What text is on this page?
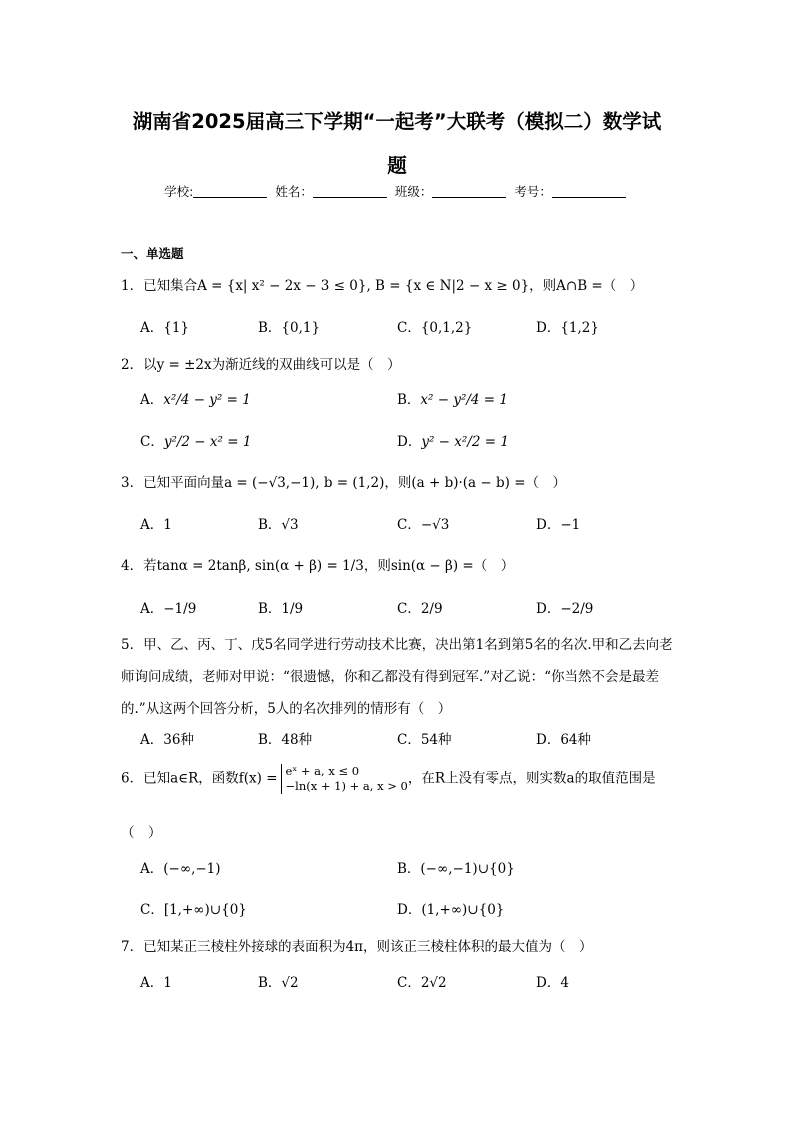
湖南省2025届高三下学期“一起考”大联考（模拟二）数学试
题
学校:	姓名：	班级：	考号：
一、单选题
1．已知集合A = {x| x² − 2x − 3 ≤ 0}, B = {x ∈ N|2 − x ≥ 0}，则A∩B =（　）
A．{1}	B．{0,1}	C．{0,1,2}	D．{1,2}
2．以y = ±2x为渐近线的双曲线可以是（　）
A．x²/4 − y² = 1	B．x² − y²/4 = 1
C．y²/2 − x² = 1	D．y² − x²/2 = 1
3．已知平面向量a = (−√3,−1), b = (1,2)，则(a + b)·(a − b) =（　）
A．1	B．√3	C．−√3	D．−1
4．若tanα = 2tanβ, sin(α + β) = 1/3，则sin(α − β) =（　）
A．−1/9	B．1/9	C．2/9	D．−2/9
5．甲、乙、丙、丁、戊5名同学进行劳动技术比赛，决出第1名到第5名的名次.甲和乙去向老师询问成绩，老师对甲说：“很遗憾，你和乙都没有得到冠军.”对乙说：“你当然不会是最差的.”从这两个回答分析，5人的名次排列的情形有（　）
A．36种	B．48种	C．54种	D．64种
6．已知a∈R，函数f(x) = eˣ + a, x ≤ 0
−ln(x + 1) + a, x > 0 ，在R上没有零点，则实数a的取值范围是
（　）
A．(−∞,−1)	B．(−∞,−1)∪{0}
C．[1,+∞)∪{0}	D．(1,+∞)∪{0}
7．已知某正三棱柱外接球的表面积为4π，则该正三棱柱体积的最大值为（　）
A．1	B．√2	C．2√2	D．4
